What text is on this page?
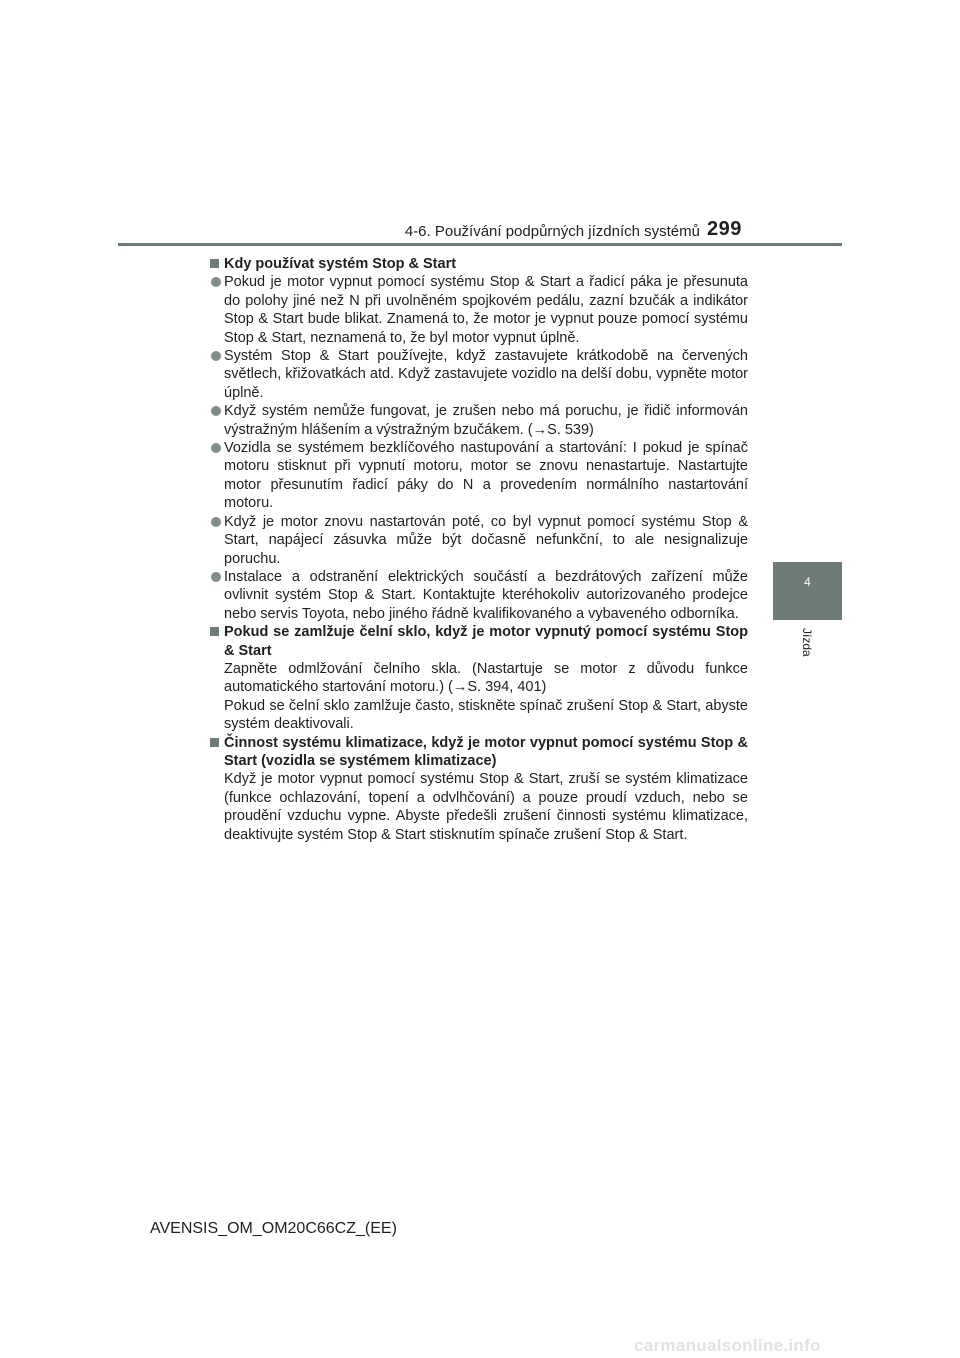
4-6. Používání podpůrných jízdních systémů 299
4
Jízda

Kdy používat systém Stop & Start

Pokud je motor vypnut pomocí systému Stop & Start a řadicí páka je přesunuta do polohy jiné než N při uvolněném spojkovém pedálu, zazní bzučák a indikátor Stop & Start bude blikat. Znamená to, že motor je vypnut pouze pomocí systému Stop & Start, neznamená to, že byl motor vypnut úplně.

Systém Stop & Start používejte, když zastavujete krátkodobě na červených světlech, křižovatkách atd. Když zastavujete vozidlo na delší dobu, vypněte motor úplně.

Když systém nemůže fungovat, je zrušen nebo má poruchu, je řidič informován výstražným hlášením a výstražným bzučákem. (→S. 539)

Vozidla se systémem bezklíčového nastupování a startování: I pokud je spínač motoru stisknut při vypnutí motoru, motor se znovu nenastartuje. Nastartujte motor přesunutím řadicí páky do N a provedením normálního nastartování motoru.

Když je motor znovu nastartován poté, co byl vypnut pomocí systému Stop & Start, napájecí zásuvka může být dočasně nefunkční, to ale nesignalizuje poruchu.

Instalace a odstranění elektrických součástí a bezdrátových zařízení může ovlivnit systém Stop & Start. Kontaktujte kteréhokoliv autorizovaného prodejce nebo servis Toyota, nebo jiného řádně kvalifikovaného a vybaveného odborníka.

Pokud se zamlžuje čelní sklo, když je motor vypnutý pomocí systému Stop & Start

Zapněte odmlžování čelního skla. (Nastartuje se motor z důvodu funkce automatického startování motoru.) (→S. 394, 401)

Pokud se čelní sklo zamlžuje často, stiskněte spínač zrušení Stop & Start, abyste systém deaktivovali.

Činnost systému klimatizace, když je motor vypnut pomocí systému Stop & Start (vozidla se systémem klimatizace)

Když je motor vypnut pomocí systému Stop & Start, zruší se systém klimatizace (funkce ochlazování, topení a odvlhčování) a pouze proudí vzduch, nebo se proudění vzduchu vypne. Abyste předešli zrušení činnosti systému klimatizace, deaktivujte systém Stop & Start stisknutím spínače zrušení Stop & Start.

AVENSIS_OM_OM20C66CZ_(EE)
carmanualsonline.info
